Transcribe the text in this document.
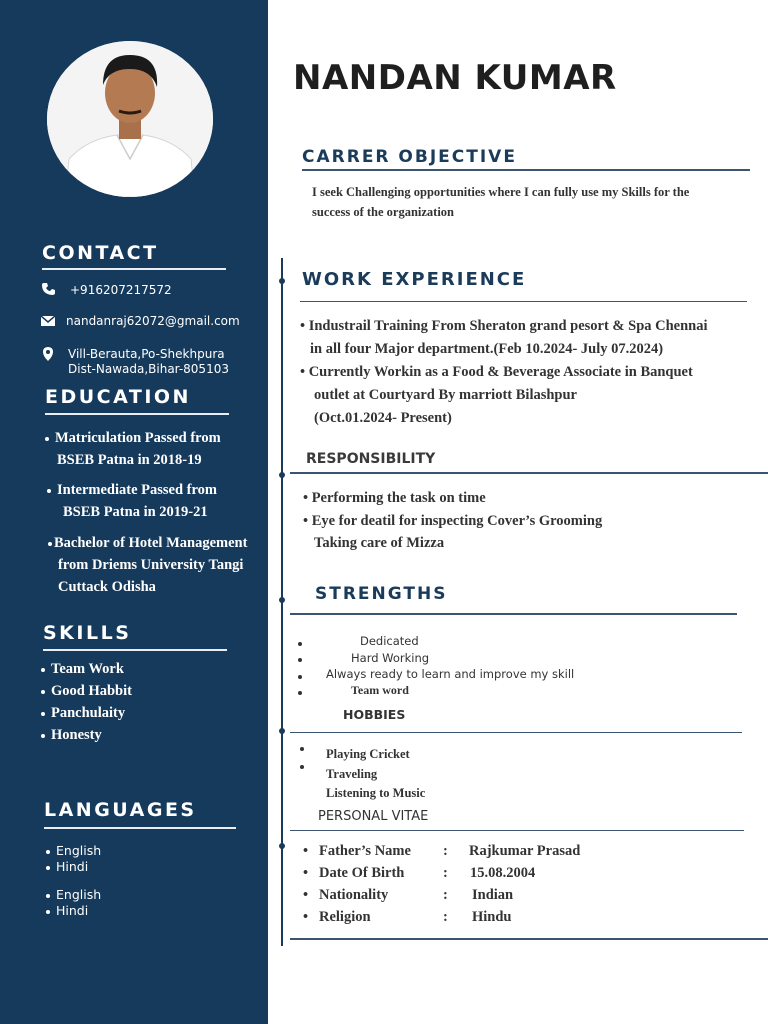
CONTACT
+916207217572
nandanraj62072@gmail.com
Vill-Berauta,Po-Shekhpura
Dist-Nawada,Bihar-805103
EDUCATION
Matriculation Passed from
BSEB Patna in 2018-19
Intermediate Passed from
BSEB Patna in 2019-21
Bachelor of Hotel Management
from Driems University Tangi
Cuttack Odisha
SKILLS
Team Work
Good Habbit
Panchulaity
Honesty
LANGUAGES
English
Hindi
English
Hindi
NANDAN KUMAR
CARRER OBJECTIVE
I seek Challenging opportunities where I can fully use my Skills for the
success of the organization
WORK EXPERIENCE
• Industrail Training From Sheraton grand pesort & Spa Chennai
in all four Major department.(Feb 10.2024- July 07.2024)
• Currently Workin as a Food & Beverage Associate in Banquet
outlet at Courtyard By marriott Bilashpur
(Oct.01.2024- Present)
RESPONSIBILITY
• Performing the task on time
• Eye for deatil for inspecting Cover’s Grooming
Taking care of Mizza
STRENGTHS
Dedicated
Hard Working
Always ready to learn and improve my skill
Team word
HOBBIES
Playing Cricket
Traveling
Listening to Music
PERSONAL VITAE
• Father’s Name : Rajkumar Prasad
• Date Of Birth	: 15.08.2004
• Nationality	: Indian
• Religion	: Hindu
